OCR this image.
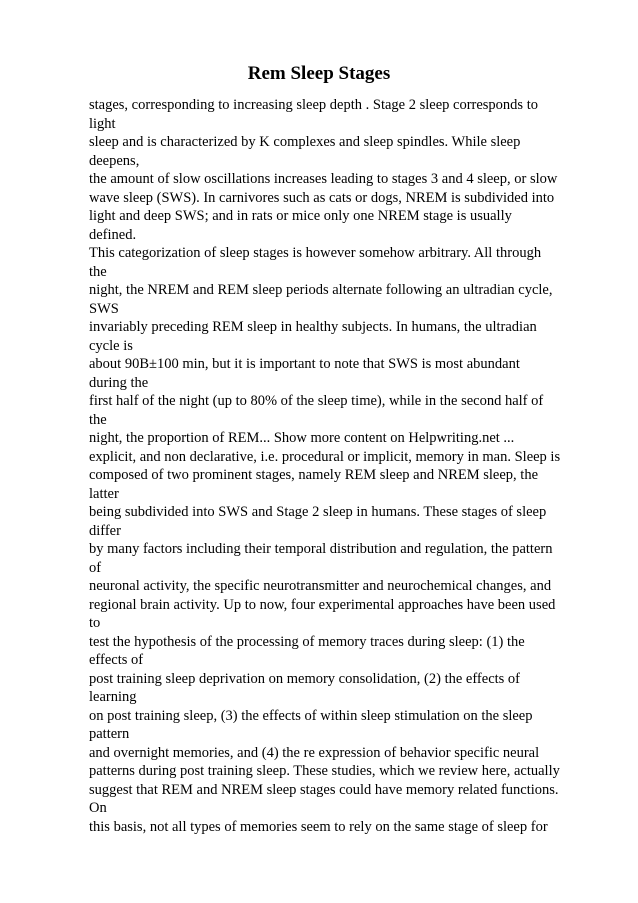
Rem Sleep Stages

stages, corresponding to increasing sleep depth . Stage 2 sleep corresponds to light
sleep and is characterized by K complexes and sleep spindles. While sleep deepens,
the amount of slow oscillations increases leading to stages 3 and 4 sleep, or slow
wave sleep (SWS). In carnivores such as cats or dogs, NREM is subdivided into
light and deep SWS; and in rats or mice only one NREM stage is usually defined.
This categorization of sleep stages is however somehow arbitrary. All through the
night, the NREM and REM sleep periods alternate following an ultradian cycle, SWS
invariably preceding REM sleep in healthy subjects. In humans, the ultradian cycle is
about 90B±100 min, but it is important to note that SWS is most abundant during the
first half of the night (up to 80% of the sleep time), while in the second half of the
night, the proportion of REM... Show more content on Helpwriting.net ...
explicit, and non declarative, i.e. procedural or implicit, memory in man. Sleep is
composed of two prominent stages, namely REM sleep and NREM sleep, the latter
being subdivided into SWS and Stage 2 sleep in humans. These stages of sleep differ
by many factors including their temporal distribution and regulation, the pattern of
neuronal activity, the specific neurotransmitter and neurochemical changes, and
regional brain activity. Up to now, four experimental approaches have been used to
test the hypothesis of the processing of memory traces during sleep: (1) the effects of
post training sleep deprivation on memory consolidation, (2) the effects of learning
on post training sleep, (3) the effects of within sleep stimulation on the sleep pattern
and overnight memories, and (4) the re expression of behavior specific neural
patterns during post training sleep. These studies, which we review here, actually
suggest that REM and NREM sleep stages could have memory related functions. On
this basis, not all types of memories seem to rely on the same stage of sleep for
